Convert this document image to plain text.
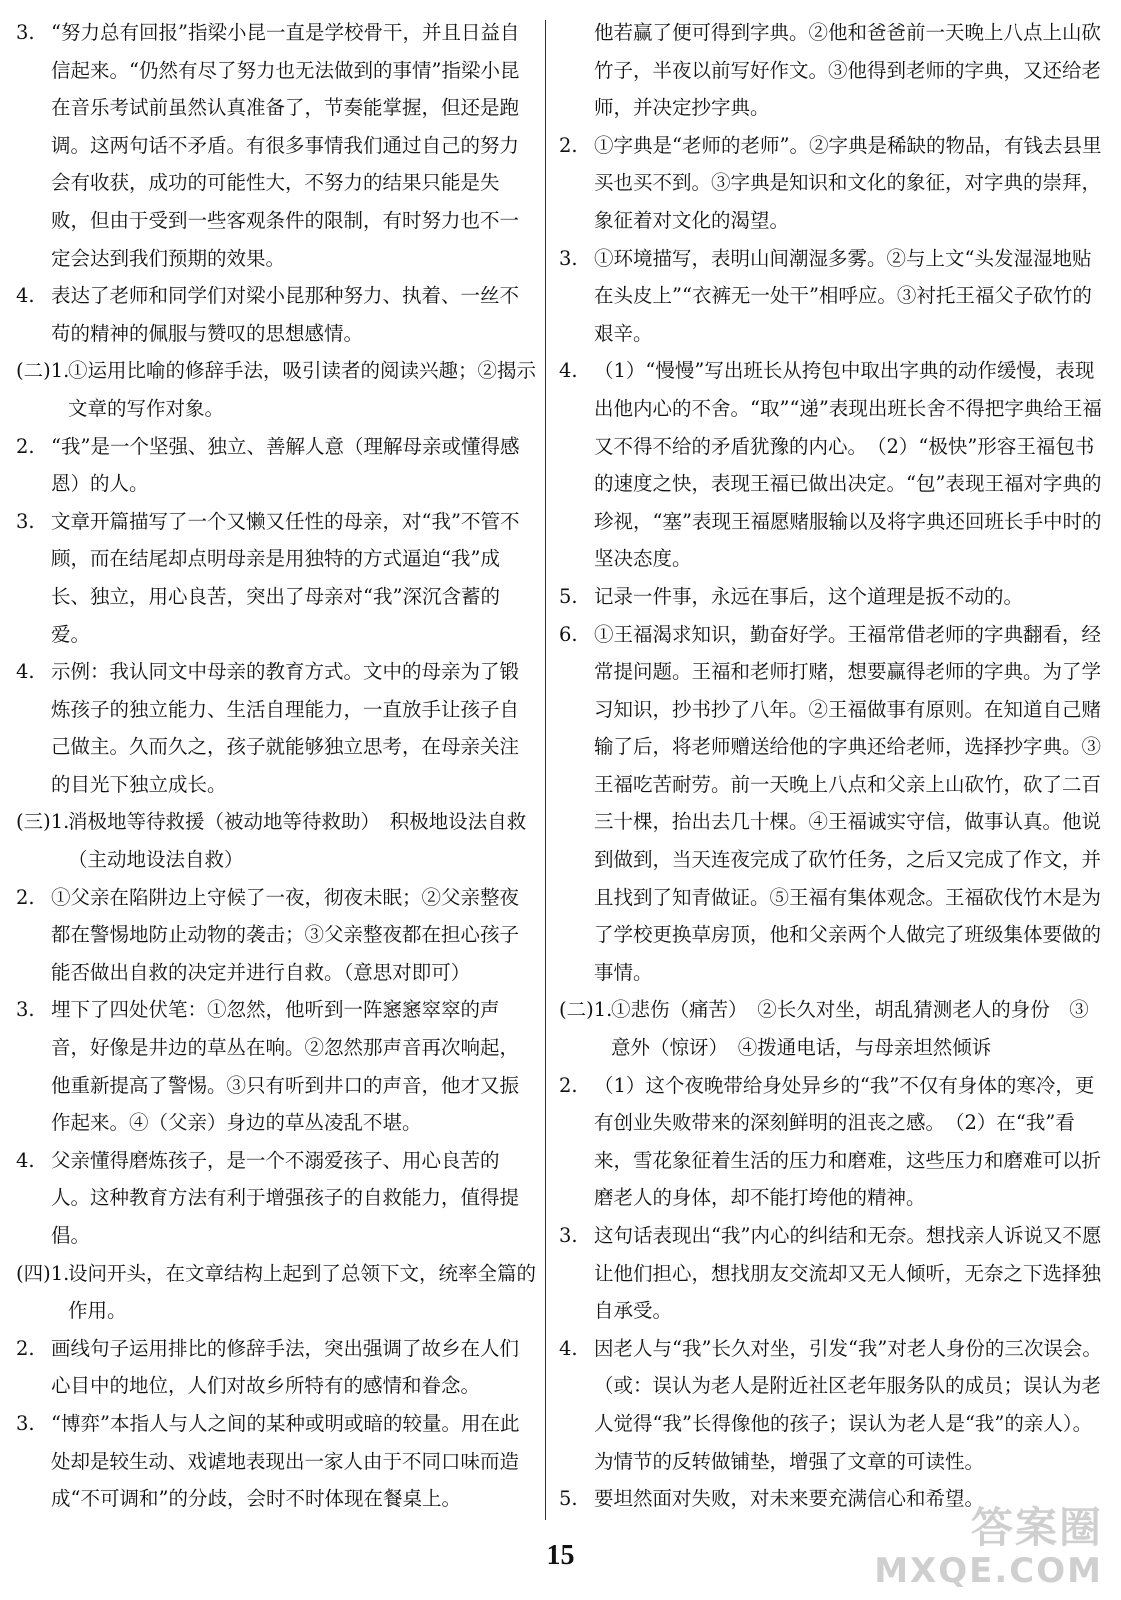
3. “努力总有回报”指梁小昆一直是学校骨干，并且日益自信起来。“仍然有尽了努力也无法做到的事情”指梁小昆在音乐考试前虽然认真准备了，节奏能掌握，但还是跑调。这两句话不矛盾。有很多事情我们通过自己的努力会有收获，成功的可能性大，不努力的结果只能是失败，但由于受到一些客观条件的限制，有时努力也不一定会达到我们预期的效果。

4. 表达了老师和同学们对梁小昆那种努力、执着、一丝不苟的精神的佩服与赞叹的思想感情。

(二)1.
①运用比喻的修辞手法，吸引读者的阅读兴趣；②揭示文章的写作对象。

2. “我”是一个坚强、独立、善解人意（理解母亲或懂得感恩）的人。

3. 文章开篇描写了一个又懒又任性的母亲，对“我”不管不顾，而在结尾却点明母亲是用独特的方式逼迫“我”成长、独立，用心良苦，突出了母亲对“我”深沉含蓄的爱。

4. 示例：我认同文中母亲的教育方式。文中的母亲为了锻炼孩子的独立能力、生活自理能力，一直放手让孩子自己做主。久而久之，孩子就能够独立思考，在母亲关注的目光下独立成长。

(三)1.
消极地等待救援（被动地等待救助）　积极地设法自救（主动地设法自救）

2. ①父亲在陷阱边上守候了一夜，彻夜未眠；②父亲整夜都在警惕地防止动物的袭击；③父亲整夜都在担心孩子能否做出自救的决定并进行自救。（意思对即可）

3. 埋下了四处伏笔：①忽然，他听到一阵窸窸窣窣的声音，好像是井边的草丛在响。②忽然那声音再次响起，他重新提高了警惕。③只有听到井口的声音，他才又振作起来。④（父亲）身边的草丛凌乱不堪。

4. 父亲懂得磨炼孩子，是一个不溺爱孩子、用心良苦的人。这种教育方法有利于增强孩子的自救能力，值得提倡。

(四)1.
设问开头，在文章结构上起到了总领下文，统率全篇的作用。

2. 画线句子运用排比的修辞手法，突出强调了故乡在人们心目中的地位，人们对故乡所特有的感情和眷念。

3. “博弈”本指人与人之间的某种或明或暗的较量。用在此处却是较生动、戏谑地表现出一家人由于不同口味而造成“不可调和”的分歧，会时不时体现在餐桌上。

他若赢了便可得到字典。②他和爸爸前一天晚上八点上山砍竹子，半夜以前写好作文。③他得到老师的字典，又还给老师，并决定抄字典。

2. ①字典是“老师的老师”。②字典是稀缺的物品，有钱去县里买也买不到。③字典是知识和文化的象征，对字典的崇拜，象征着对文化的渴望。

3. ①环境描写，表明山间潮湿多雾。②与上文“头发湿湿地贴在头皮上”“衣裤无一处干”相呼应。③衬托王福父子砍竹的艰辛。

4. （1）“慢慢”写出班长从挎包中取出字典的动作缓慢，表现出他内心的不舍。“取”“递”表现出班长舍不得把字典给王福又不得不给的矛盾犹豫的内心。　（2）“极快”形容王福包书的速度之快，表现王福已做出决定。“包”表现王福对字典的珍视，“塞”表现王福愿赌服输以及将字典还回班长手中时的坚决态度。

5. 记录一件事，永远在事后，这个道理是扳不动的。

6. ①王福渴求知识，勤奋好学。王福常借老师的字典翻看，经常提问题。王福和老师打赌，想要赢得老师的字典。为了学习知识，抄书抄了八年。②王福做事有原则。在知道自己赌输了后，将老师赠送给他的字典还给老师，选择抄字典。③王福吃苦耐劳。前一天晚上八点和父亲上山砍竹，砍了二百三十棵，抬出去几十棵。④王福诚实守信，做事认真。他说到做到，当天连夜完成了砍竹任务，之后又完成了作文，并且找到了知青做证。⑤王福有集体观念。王福砍伐竹木是为了学校更换草房顶，他和父亲两个人做完了班级集体要做的事情。

(二)1.
①悲伤（痛苦）　②长久对坐，胡乱猜测老人的身份　③意外（惊讶）　④拨通电话，与母亲坦然倾诉

2. （1）这个夜晚带给身处异乡的“我”不仅有身体的寒冷，更有创业失败带来的深刻鲜明的沮丧之感。　（2）在“我”看来，雪花象征着生活的压力和磨难，这些压力和磨难可以折磨老人的身体，却不能打垮他的精神。

3. 这句话表现出“我”内心的纠结和无奈。想找亲人诉说又不愿让他们担心，想找朋友交流却又无人倾听，无奈之下选择独自承受。

4. 因老人与“我”长久对坐，引发“我”对老人身份的三次误会。（或：误认为老人是附近社区老年服务队的成员；误认为老人觉得“我”长得像他的孩子；误认为老人是“我”的亲人）。为情节的反转做铺垫，增强了文章的可读性。

5. 要坦然面对失败，对未来要充满信心和希望。

15
答案圈
MXQE.COM
